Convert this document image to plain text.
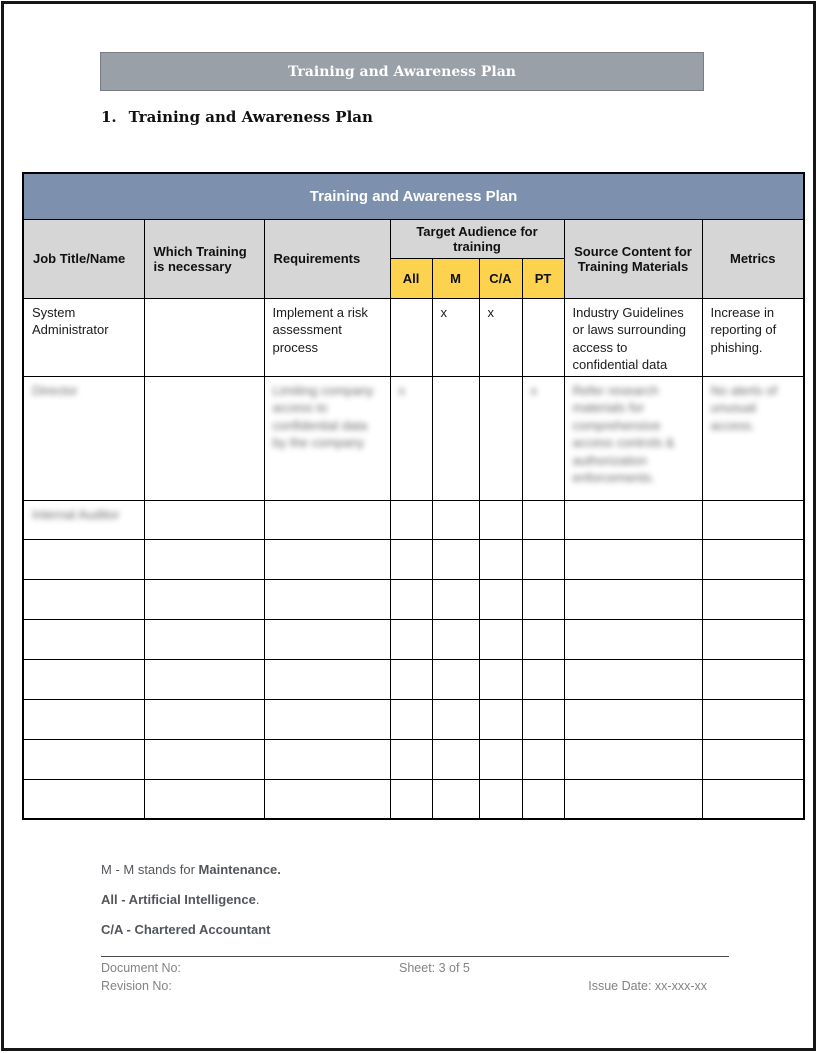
Training and Awareness Plan
1. Training and Awareness Plan
Training and Awareness Plan								
Job Title/Name	Which Training is necessary	Requirements	Target Audience for training				Source Content for Training Materials	Metrics
			All	M	C/A	PT		
System Administrator		Implement a risk assessment process		x	x		Industry Guidelines or laws surrounding access to confidential data	Increase in reporting of phishing.
Director		Limiting company access to confidential data by the company	x			x	Refer research materials for comprehensive access controls & authorization enforcements.	No alerts of unusual access.
Internal Auditor								

M - M stands for Maintenance.
All - Artificial Intelligence.
C/A - Chartered Accountant
Document No:	Sheet: 3 of 5
Revision No:	Issue Date: xx-xxx-xx
